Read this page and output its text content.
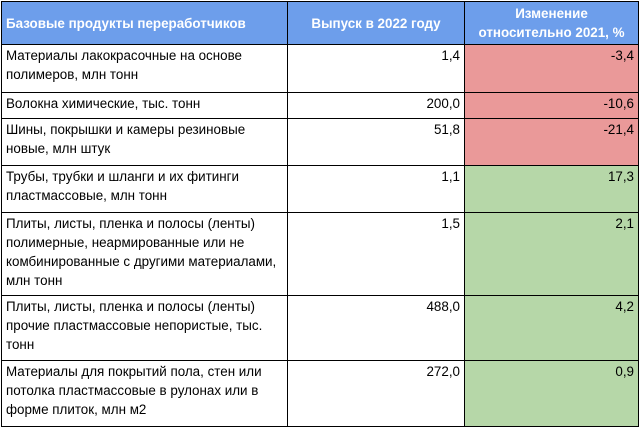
Базовые продукты переработчиков	Выпуск в 2022 году	Изменение относительно 2021, %
Материалы лакокрасочные на основе полимеров, млн тонн	1,4	-3,4
Волокна химические, тыс. тонн	200,0	-10,6
Шины, покрышки и камеры резиновые новые, млн штук	51,8	-21,4
Трубы, трубки и шланги и их фитинги пластмассовые, млн тонн	1,1	17,3
Плиты, листы, пленка и полосы (ленты) полимерные, неармированные или не комбинированные с другими материалами, млн тонн	1,5	2,1
Плиты, листы, пленка и полосы (ленты) прочие пластмассовые непористые, тыс. тонн	488,0	4,2
Материалы для покрытий пола, стен или потолка пластмассовые в рулонах или в форме плиток, млн м2	272,0	0,9
